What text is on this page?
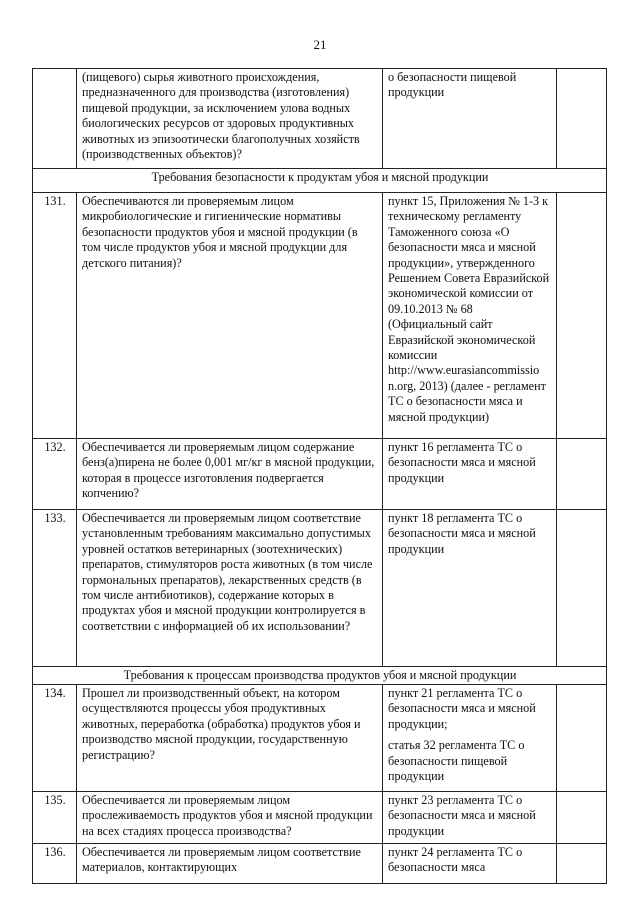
21
	(пищевого) сырья животного происхождения, предназначенного для производства (изготовления) пищевой продукции, за исключением улова водных биологических ресурсов от здоровых продуктивных животных из эпизоотически благополучных хозяйств (производственных объектов)?	о безопасности пищевой продукции	

Требования безопасности к продуктам убоя и мясной продукции			
131.	Обеспечиваются ли проверяемым лицом микробиологические и гигиенические нормативы безопасности продуктов убоя и мясной продукции (в том числе продуктов убоя и мясной продукции для детского питания)?	пункт 15, Приложения № 1-3 к техническому регламенту Таможенного союза «О безопасности мяса и мясной продукции», утвержденного Решением Совета Евразийской экономической комиссии от 09.10.2013 № 68 (Официальный сайт Евразийской экономической комиссии http://www.eurasiancommissio n.org, 2013) (далее - регламент ТС о безопасности мяса и мясной продукции)	

132.	Обеспечивается ли проверяемым лицом содержание бенз(а)пирена не более 0,001 мг/кг в мясной продукции, которая в процессе изготовления подвергается копчению?	пункт 16 регламента ТС о безопасности мяса и мясной продукции	

133.	Обеспечивается ли проверяемым лицом соответствие установленным требованиям максимально допустимых уровней остатков ветеринарных (зоотехнических) препаратов, стимуляторов роста животных (в том числе гормональных препаратов), лекарственных средств (в том числе антибиотиков), содержание которых в продуктах убоя и мясной продукции контролируется в соответствии с информацией об их использовании?	пункт 18 регламента ТС о безопасности мяса и мясной продукции	

Требования к процессам производства продуктов убоя и мясной продукции			
134.	Прошел ли производственный объект, на котором осуществляются процессы убоя продуктивных животных, переработка (обработка) продуктов убоя и производство мясной продукции, государственную регистрацию?	пункт 21 регламента ТС о безопасности мяса и мясной продукции;
статья 32 регламента ТС о безопасности пищевой продукции	

135.	Обеспечивается ли проверяемым лицом прослеживаемость продуктов убоя и мясной продукции на всех стадиях процесса производства?	пункт 23 регламента ТС о безопасности мяса и мясной продукции	

136.	Обеспечивается ли проверяемым лицом соответствие материалов, контактирующих	пункт 24 регламента ТС о безопасности мяса	
